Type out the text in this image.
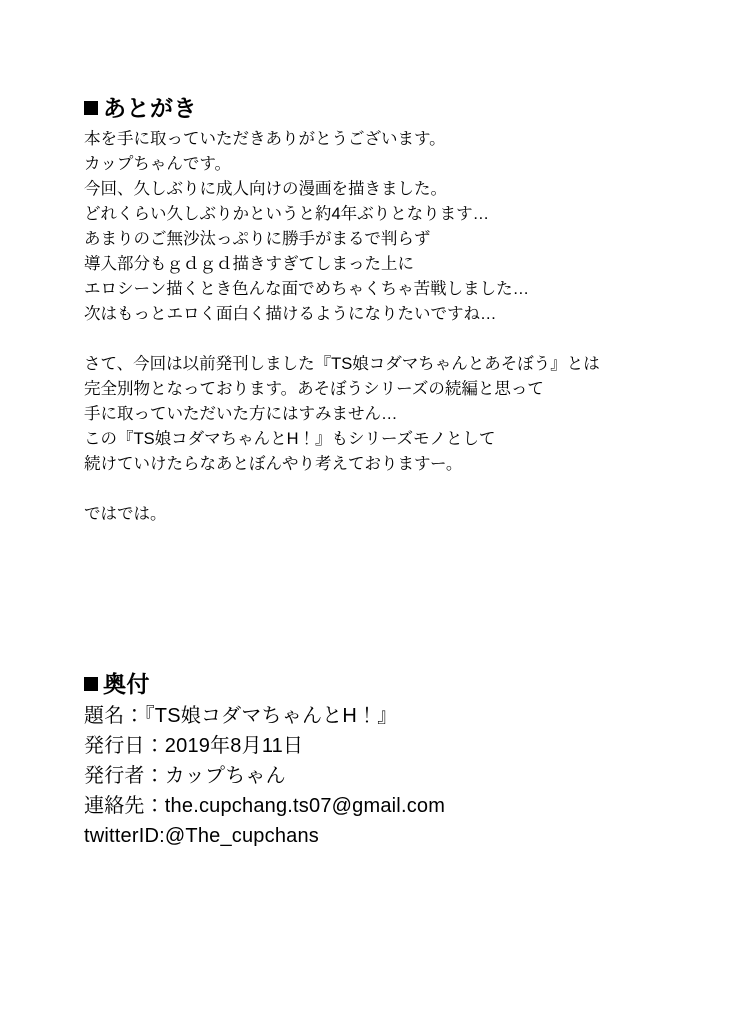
あとがき
本を手に取っていただきありがとうございます。
カップちゃんです。
今回、久しぶりに成人向けの漫画を描きました。
どれくらい久しぶりかというと約4年ぶりとなります…
あまりのご無沙汰っぷりに勝手がまるで判らず
導入部分もｇｄｇｄ描きすぎてしまった上に
エロシーン描くとき色んな面でめちゃくちゃ苦戦しました…
次はもっとエロく面白く描けるようになりたいですね…
さて、今回は以前発刊しました『TS娘コダマちゃんとあそぼう』とは
完全別物となっております。あそぼうシリーズの続編と思って
手に取っていただいた方にはすみません…
この『TS娘コダマちゃんとH！』もシリーズモノとして
続けていけたらなあとぼんやり考えておりますー。
ではでは。
奥付
題名：『TS娘コダマちゃんとH！』
発行日：2019年8月11日
発行者：カップちゃん
連絡先：the.cupchang.ts07@gmail.com
twitterID:@The_cupchans
